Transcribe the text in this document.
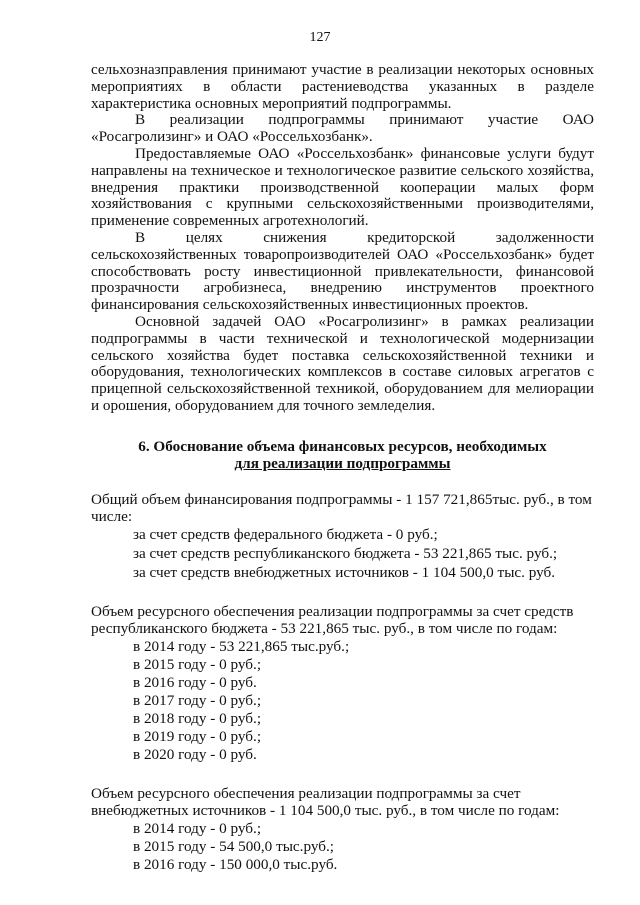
127

сельхозназправления принимают участие в реализации некоторых основных мероприятиях в области растениеводства указанных в разделе характеристика основных мероприятий подпрограммы.

В реализации подпрограммы принимают участие ОАО «Росагролизинг» и ОАО «Россельхозбанк».

Предоставляемые ОАО «Россельхозбанк» финансовые услуги будут направлены на техническое и технологическое развитие сельского хозяйства, внедрения практики производственной кооперации малых форм хозяйствования с крупными сельскохозяйственными производителями, применение современных агротехнологий.

В целях снижения кредиторской задолженности сельскохозяйственных товаропроизводителей ОАО «Россельхозбанк» будет способствовать росту инвестиционной привлекательности, финансовой прозрачности агробизнеса, внедрению инструментов проектного финансирования сельскохозяйственных инвестиционных проектов.

Основной задачей ОАО «Росагролизинг» в рамках реализации подпрограммы в части технической и технологической модернизации сельского хозяйства будет поставка сельскохозяйственной техники и оборудования, технологических комплексов в составе силовых агрегатов с прицепной сельскохозяйственной техникой, оборудованием для мелиорации и орошения, оборудованием для точного земледелия.

6. Обоснование объема финансовых ресурсов, необходимых
для реализации подпрограммы

Общий объем финансирования подпрограммы - 1 157 721,865тыс. руб., в том числе:

за счет средств федерального бюджета - 0 руб.;
за счет средств республиканского бюджета - 53 221,865 тыс. руб.;
за счет средств внебюджетных источников - 1 104 500,0 тыс. руб.

Объем ресурсного обеспечения реализации подпрограммы за счет средств республиканского бюджета - 53 221,865 тыс. руб., в том числе по годам:

в 2014 году - 53 221,865 тыс.руб.;
в 2015 году - 0 руб.;
в 2016 году - 0 руб.
в 2017 году - 0 руб.;
в 2018 году - 0 руб.;
в 2019 году - 0 руб.;
в 2020 году - 0 руб.

Объем ресурсного обеспечения реализации подпрограммы за счет внебюджетных источников - 1 104 500,0 тыс. руб., в том числе по годам:

в 2014 году - 0 руб.;
в 2015 году - 54 500,0 тыс.руб.;
в 2016 году - 150 000,0 тыс.руб.
